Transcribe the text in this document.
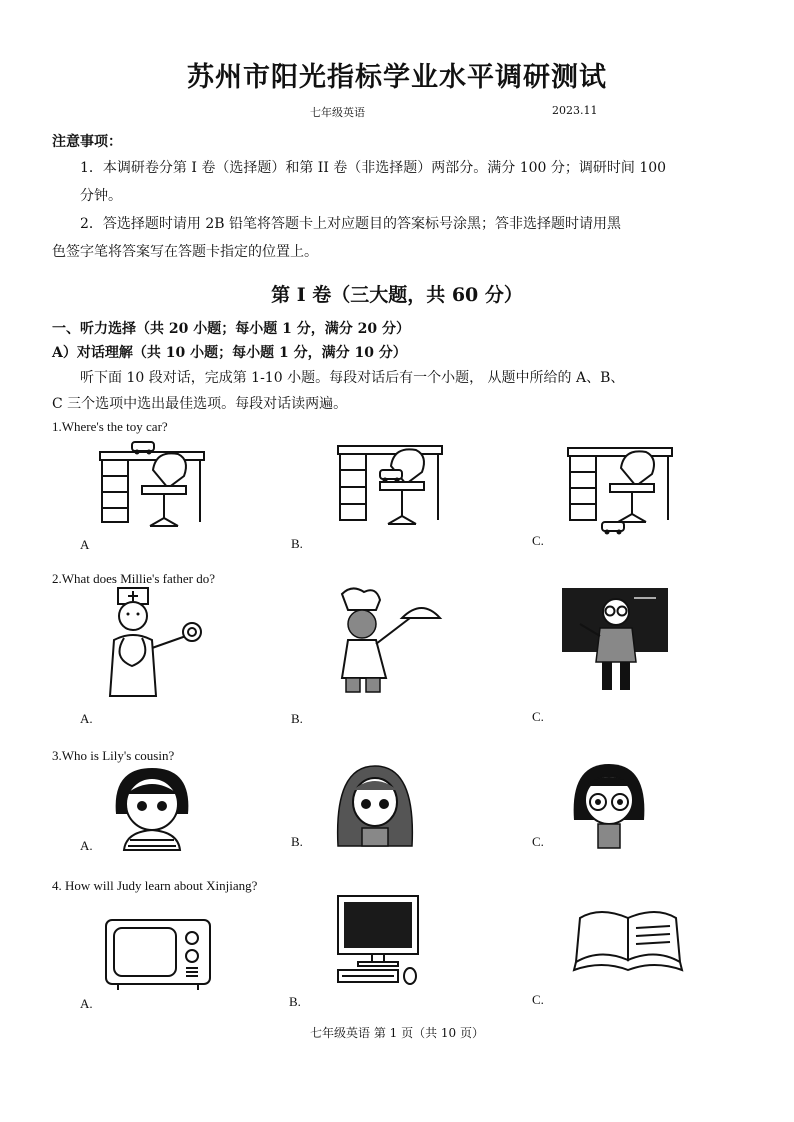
苏州市阳光指标学业水平调研测试
七年级英语	2023.11
注意事项：
1．本调研卷分第 I 卷（选择题）和第 II 卷（非选择题）两部分。满分 100 分；调研时间 100
分钟。
2．答选择题时请用 2B 铅笔将答题卡上对应题目的答案标号涂黑；答非选择题时请用黑
色签字笔将答案写在答题卡指定的位置上。
第 I 卷（三大题，共 60 分）
一、听力选择（共 20 小题；每小题 1 分，满分 20 分）
A）对话理解（共 10 小题；每小题 1 分，满分 10 分）
听下面 10 段对话，完成第 1-10 小题。每段对话后有一个小题， 从题中所给的 A、B、
C 三个选项中选出最佳选项。每段对话读两遍。
1.Where's the toy car?
A	B.	C.
2.What does Millie's father do?
A.	B.	C.
3.Who is Lily's cousin?
A.	B.	C.
4. How will Judy learn about Xinjiang?
A.	B.	C.
七年级英语 第 1 页（共 10 页）
